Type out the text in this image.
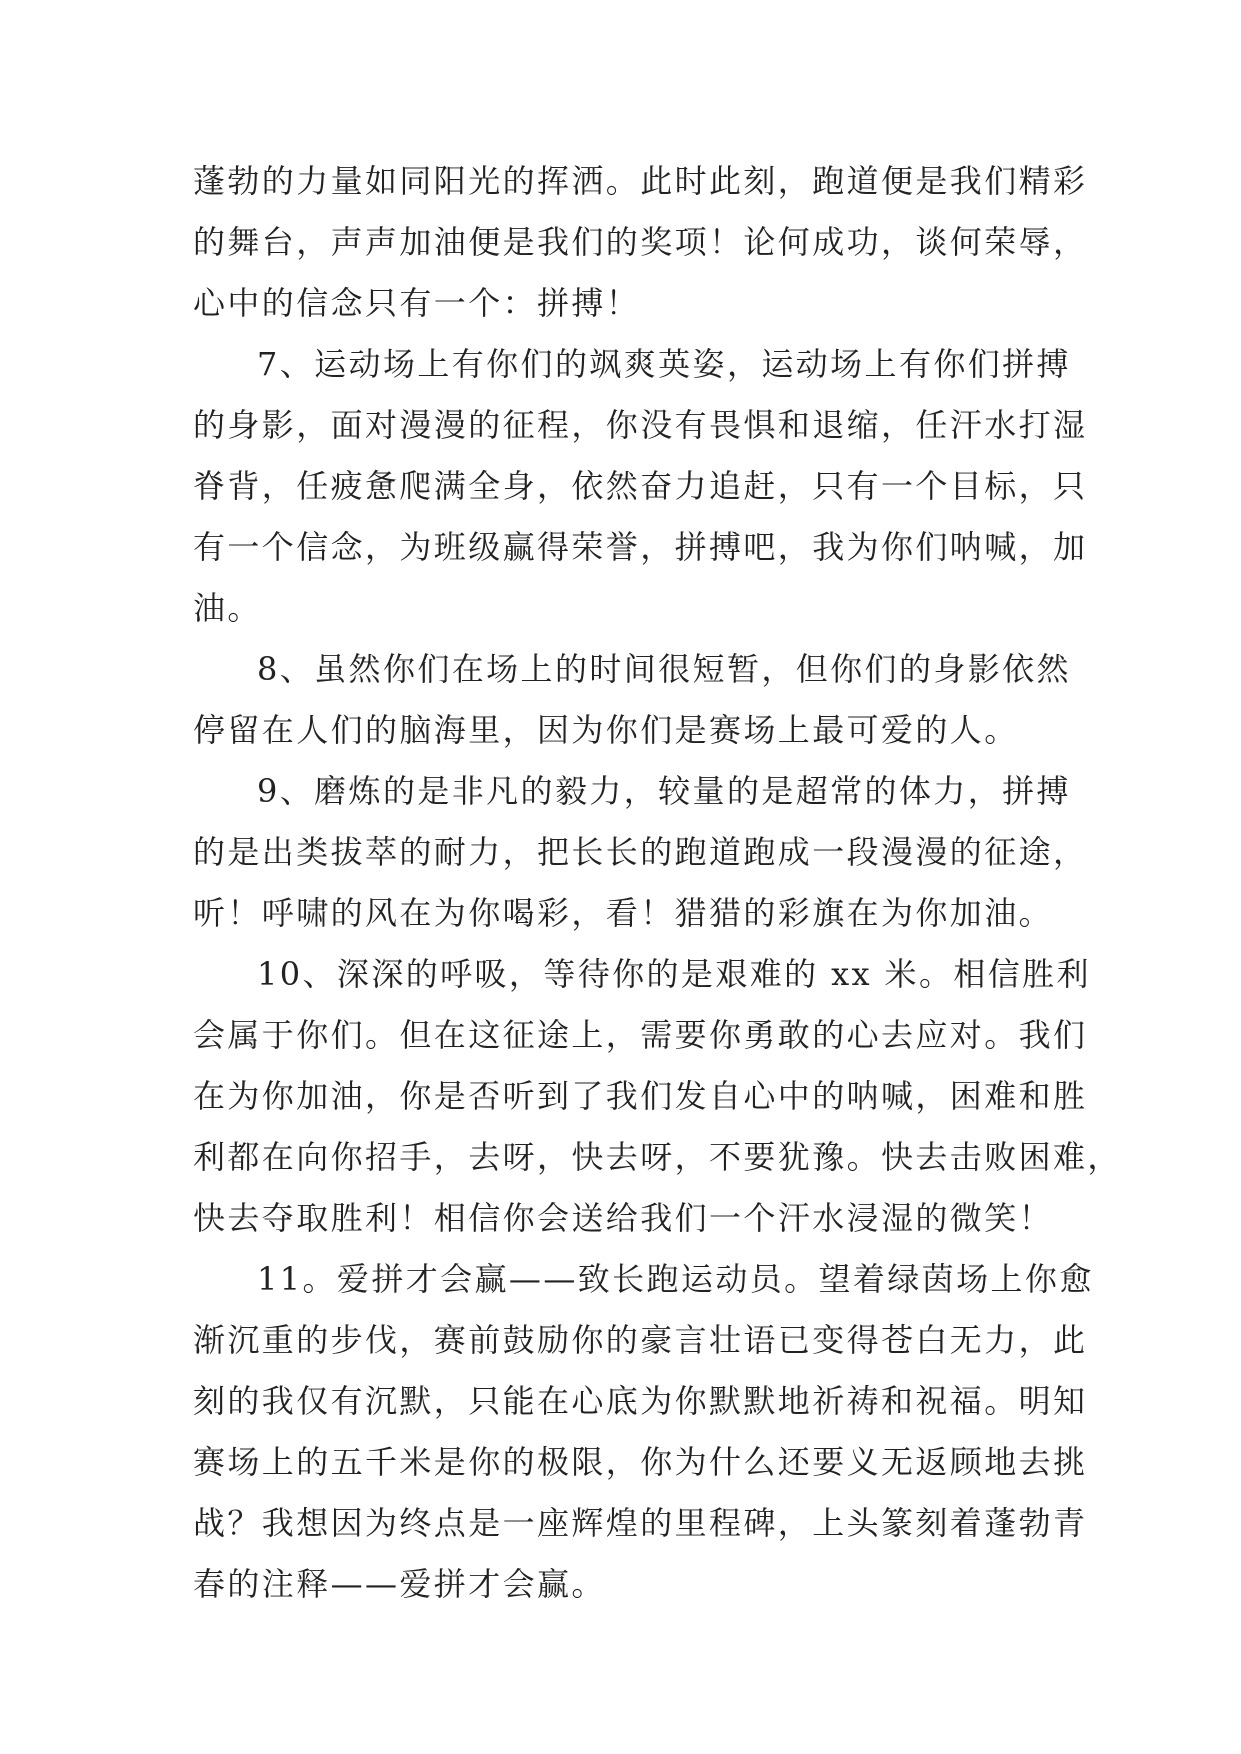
蓬勃的力量如同阳光的挥洒。此时此刻，跑道便是我们精彩
的舞台，声声加油便是我们的奖项！论何成功，谈何荣辱，
心中的信念只有一个：拼搏！
7、运动场上有你们的飒爽英姿，运动场上有你们拼搏
的身影，面对漫漫的征程，你没有畏惧和退缩，任汗水打湿
脊背，任疲惫爬满全身，依然奋力追赶，只有一个目标，只
有一个信念，为班级赢得荣誉，拼搏吧，我为你们呐喊，加
油。
8、虽然你们在场上的时间很短暂，但你们的身影依然
停留在人们的脑海里，因为你们是赛场上最可爱的人。
9、磨炼的是非凡的毅力，较量的是超常的体力，拼搏
的是出类拔萃的耐力，把长长的跑道跑成一段漫漫的征途，
听！呼啸的风在为你喝彩，看！猎猎的彩旗在为你加油。
10、深深的呼吸，等待你的是艰难的 xx 米。相信胜利
会属于你们。但在这征途上，需要你勇敢的心去应对。我们
在为你加油，你是否听到了我们发自心中的呐喊，困难和胜
利都在向你招手，去呀，快去呀，不要犹豫。快去击败困难，
快去夺取胜利！相信你会送给我们一个汗水浸湿的微笑！
11。爱拼才会赢——致长跑运动员。望着绿茵场上你愈
渐沉重的步伐，赛前鼓励你的豪言壮语已变得苍白无力，此
刻的我仅有沉默，只能在心底为你默默地祈祷和祝福。明知
赛场上的五千米是你的极限，你为什么还要义无返顾地去挑
战？我想因为终点是一座辉煌的里程碑，上头篆刻着蓬勃青
春的注释——爱拼才会赢。
